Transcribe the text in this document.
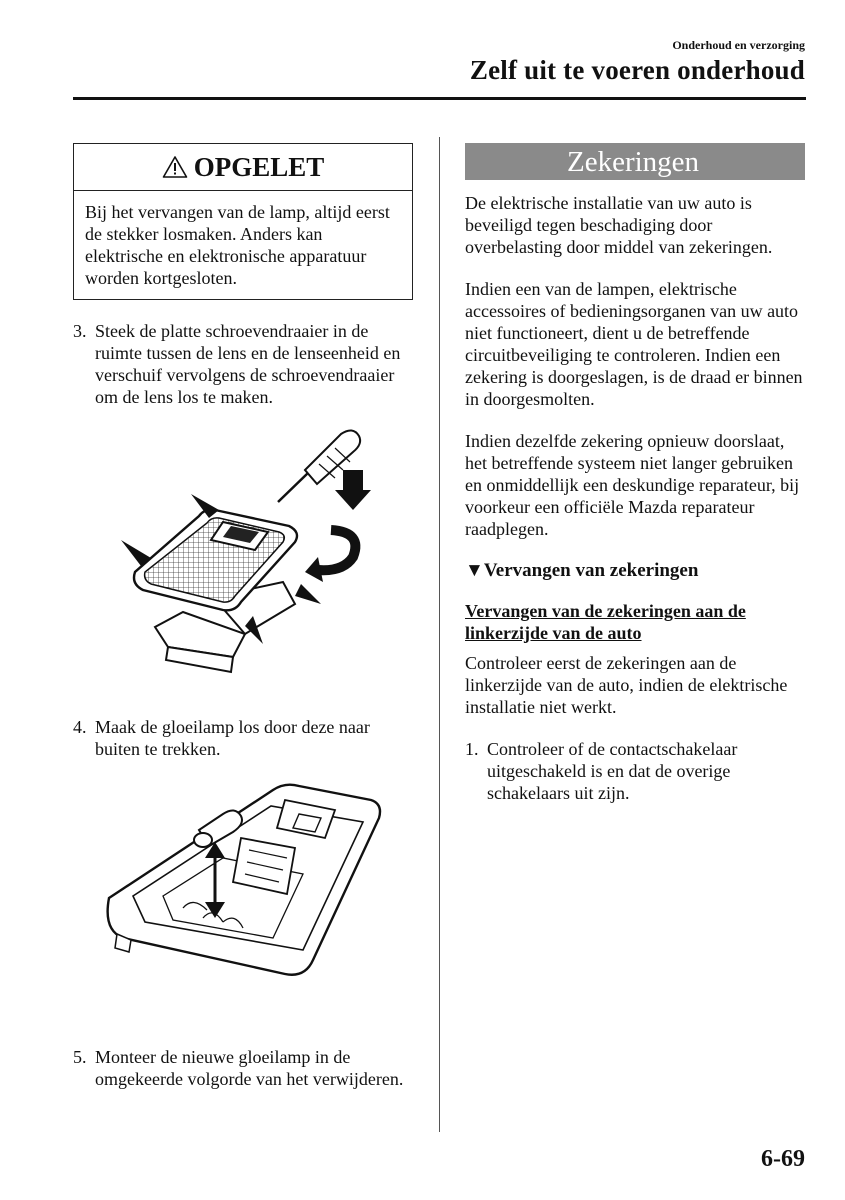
Onderhoud en verzorging
Zelf uit te voeren onderhoud
OPGELET
Bij het vervangen van de lamp, altijd eerst de stekker losmaken. Anders kan elektrische en elektronische apparatuur worden kortgesloten.
3. Steek de platte schroevendraaier in de ruimte tussen de lens en de lenseenheid en verschuif vervolgens de schroevendraaier om de lens los te maken.
4. Maak de gloeilamp los door deze naar buiten te trekken.
5. Monteer de nieuwe gloeilamp in de omgekeerde volgorde van het verwijderen.
Zekeringen
De elektrische installatie van uw auto is beveiligd tegen beschadiging door overbelasting door middel van zekeringen.
Indien een van de lampen, elektrische accessoires of bedieningsorganen van uw auto niet functioneert, dient u de betreffende circuitbeveiliging te controleren. Indien een zekering is doorgeslagen, is de draad er binnen in doorgesmolten.
Indien dezelfde zekering opnieuw doorslaat, het betreffende systeem niet langer gebruiken en onmiddellijk een deskundige reparateur, bij voorkeur een officiële Mazda reparateur raadplegen.
▼Vervangen van zekeringen
Vervangen van de zekeringen aan de linkerzijde van de auto
Controleer eerst de zekeringen aan de linkerzijde van de auto, indien de elektrische installatie niet werkt.
1. Controleer of de contactschakelaar uitgeschakeld is en dat de overige schakelaars uit zijn.
6-69
